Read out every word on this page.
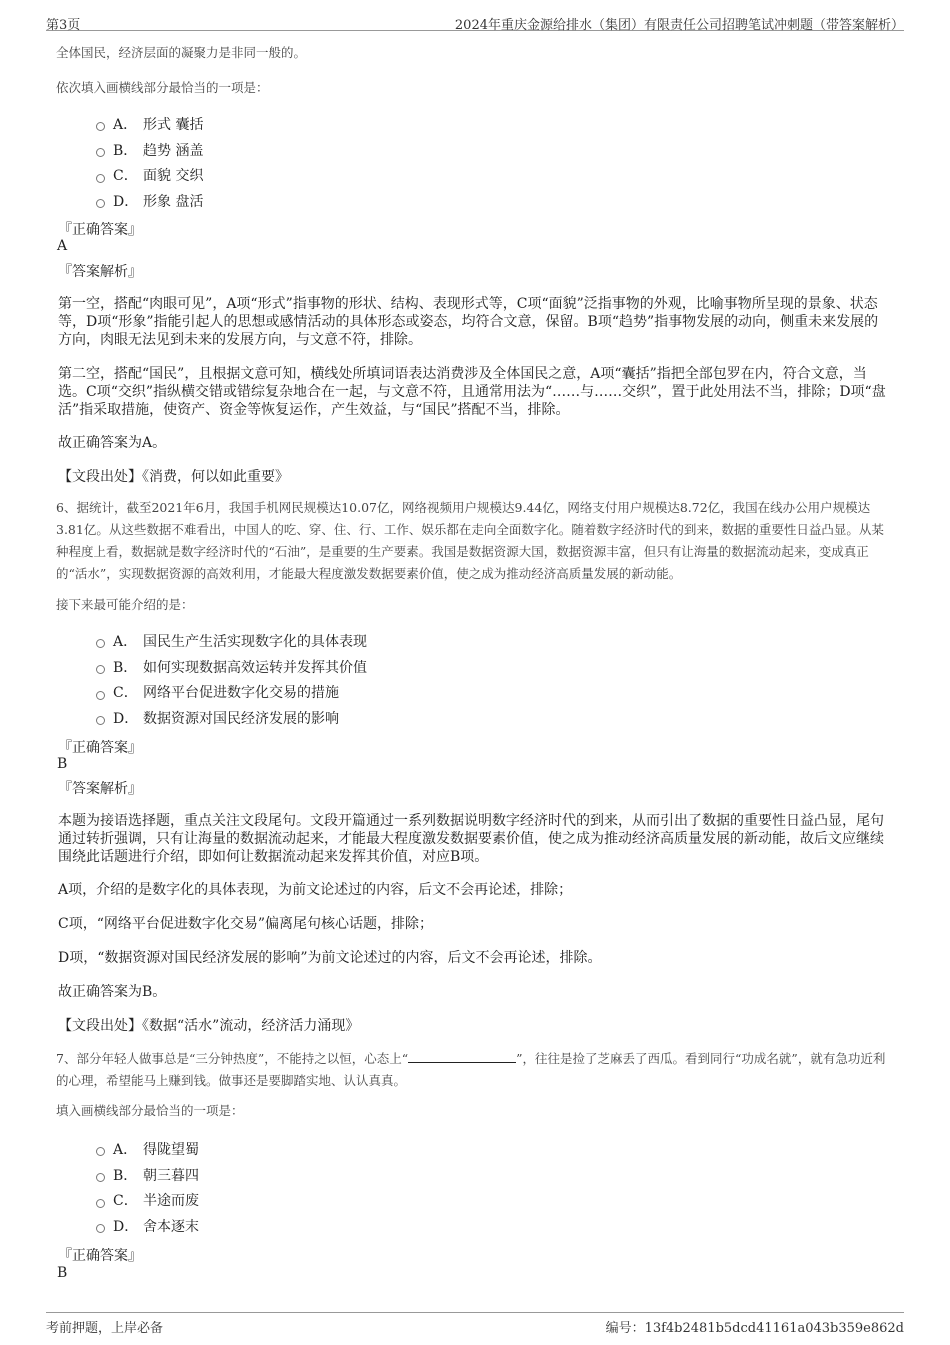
第3页	2024年重庆金源给排水（集团）有限责任公司招聘笔试冲刺题（带答案解析）

全体国民，经济层面的凝聚力是非同一般的。

依次填入画横线部分最恰当的一项是：

A． 形式 囊括
B． 趋势 涵盖
C． 面貌 交织
D． 形象 盘活

『正确答案』

A

『答案解析』

第一空，搭配“肉眼可见”，A项“形式”指事物的形状、结构、表现形式等，C项“面貌”泛指事物的外观，比喻事物所呈现的景象、状态等，D项“形象”指能引起人的思想或感情活动的具体形态或姿态，均符合文意，保留。B项“趋势”指事物发展的动向，侧重未来发展的方向，肉眼无法见到未来的发展方向，与文意不符，排除。

第二空，搭配“国民”，且根据文意可知，横线处所填词语表达消费涉及全体国民之意，A项“囊括”指把全部包罗在内，符合文意，当选。C项“交织”指纵横交错或错综复杂地合在一起，与文意不符，且通常用法为“……与……交织”，置于此处用法不当，排除；D项“盘活”指采取措施，使资产、资金等恢复运作，产生效益，与“国民”搭配不当，排除。

故正确答案为A。

【文段出处】《消费，何以如此重要》

6、据统计，截至2021年6月，我国手机网民规模达10.07亿，网络视频用户规模达9.44亿，网络支付用户规模达8.72亿，我国在线办公用户规模达3.81亿。从这些数据不难看出，中国人的吃、穿、住、行、工作、娱乐都在走向全面数字化。随着数字经济时代的到来，数据的重要性日益凸显。从某种程度上看，数据就是数字经济时代的“石油”，是重要的生产要素。我国是数据资源大国，数据资源丰富，但只有让海量的数据流动起来，变成真正的“活水”，实现数据资源的高效利用，才能最大程度激发数据要素价值，使之成为推动经济高质量发展的新动能。

接下来最可能介绍的是：

A． 国民生产生活实现数字化的具体表现
B． 如何实现数据高效运转并发挥其价值
C． 网络平台促进数字化交易的措施
D． 数据资源对国民经济发展的影响

『正确答案』

B

『答案解析』

本题为接语选择题，重点关注文段尾句。文段开篇通过一系列数据说明数字经济时代的到来，从而引出了数据的重要性日益凸显，尾句通过转折强调，只有让海量的数据流动起来，才能最大程度激发数据要素价值，使之成为推动经济高质量发展的新动能，故后文应继续围绕此话题进行介绍，即如何让数据流动起来发挥其价值，对应B项。

A项，介绍的是数字化的具体表现，为前文论述过的内容，后文不会再论述，排除；

C项，“网络平台促进数字化交易”偏离尾句核心话题，排除；

D项，“数据资源对国民经济发展的影响”为前文论述过的内容，后文不会再论述，排除。

故正确答案为B。

【文段出处】《数据“活水”流动，经济活力涌现》

7、部分年轻人做事总是“三分钟热度”，不能持之以恒，心态上“	”，往往是捡了芝麻丢了西瓜。看到同行“功成名就”，就有急功近利的心理，希望能马上赚到钱。做事还是要脚踏实地、认认真真。

填入画横线部分最恰当的一项是：

A． 得陇望蜀
B． 朝三暮四
C． 半途而废
D． 舍本逐末

『正确答案』

B

考前押题，上岸必备	编号：13f4b2481b5dcd41161a043b359e862d
